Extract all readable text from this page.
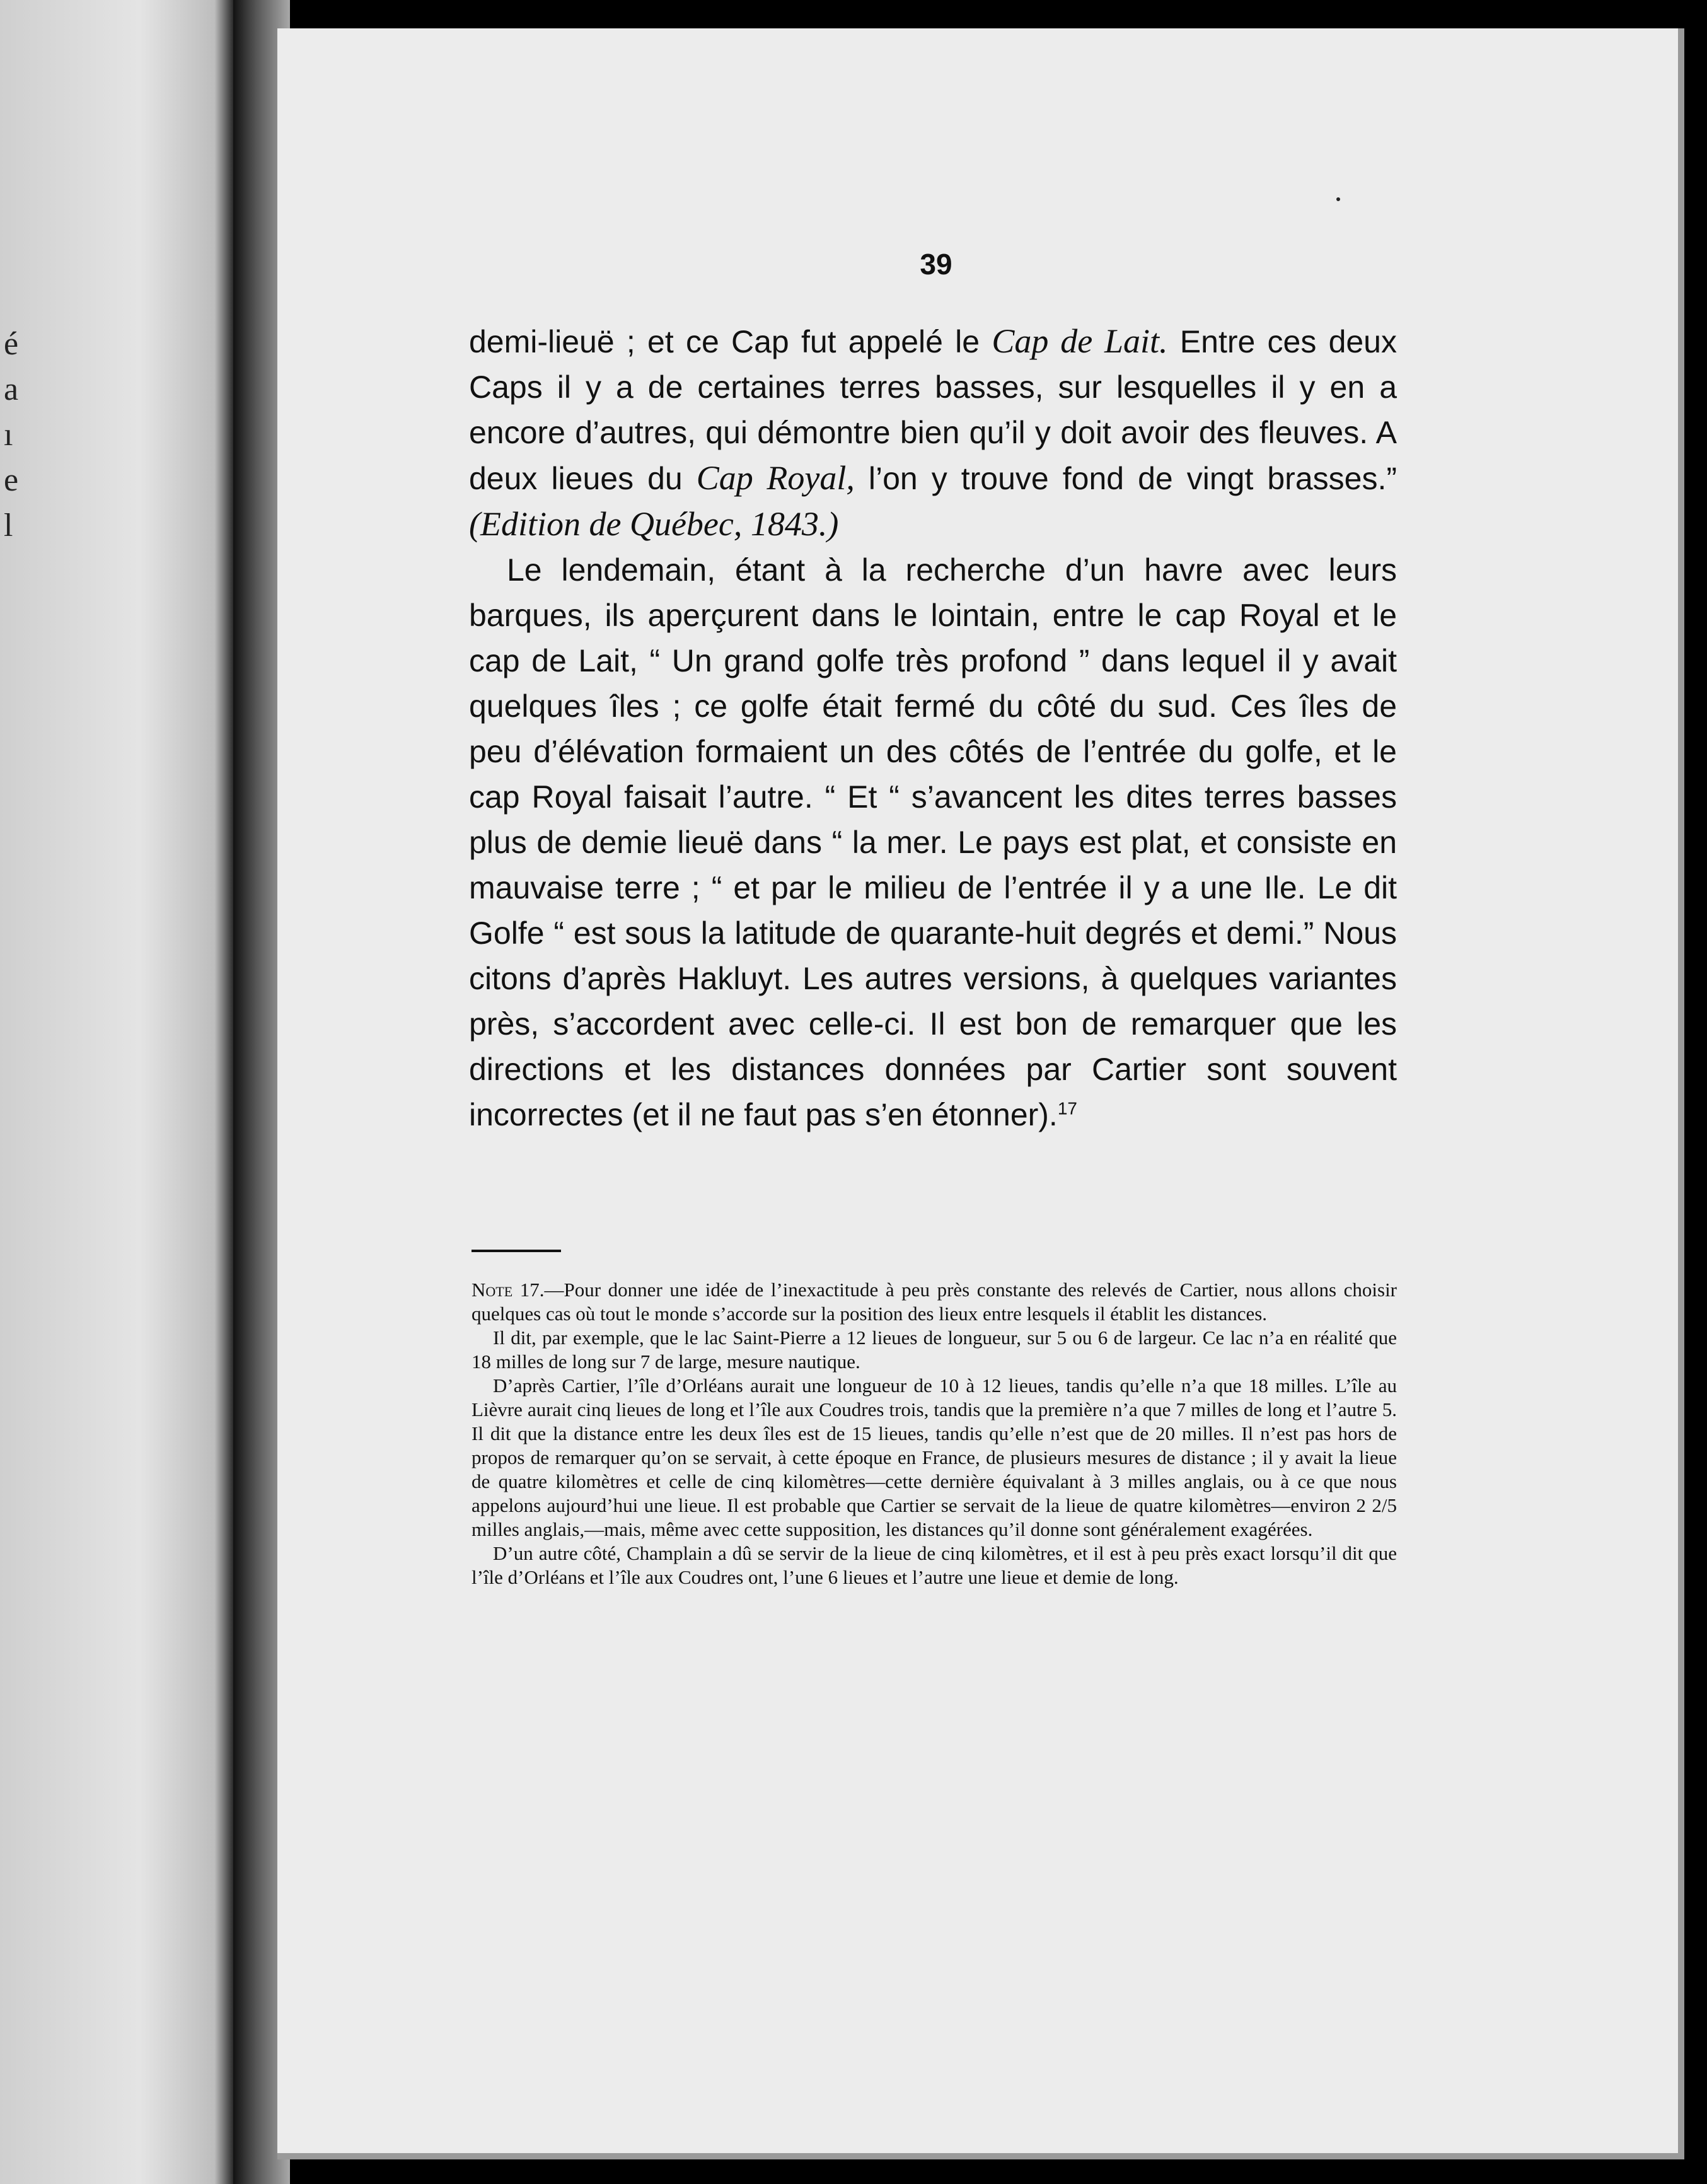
é
a
ı
e
l
39

demi-lieuë ; et ce Cap fut appelé le Cap de Lait. Entre ces deux Caps il y a de certaines terres basses, sur lesquelles il y en a encore d’autres, qui démontre bien qu’il y doit avoir des fleuves. A deux lieues du Cap Royal, l’on y trouve fond de vingt brasses.” (Edition de Québec, 1843.)

Le lendemain, étant à la recherche d’un havre avec leurs barques, ils aperçurent dans le lointain, entre le cap Royal et le cap de Lait, “ Un grand golfe très profond ” dans lequel il y avait quelques îles ; ce golfe était fermé du côté du sud. Ces îles de peu d’élévation formaient un des côtés de l’entrée du golfe, et le cap Royal faisait l’autre. “ Et “ s’avancent les dites terres basses plus de demie lieuë dans “ la mer. Le pays est plat, et consiste en mauvaise terre ; “ et par le milieu de l’entrée il y a une Ile. Le dit Golfe “ est sous la latitude de quarante-huit degrés et demi.” Nous citons d’après Hakluyt. Les autres versions, à quelques variantes près, s’accordent avec celle-ci. Il est bon de remarquer que les directions et les distances données par Cartier sont souvent incorrectes (et il ne faut pas s’en étonner).$^{17}$

Note 17.—Pour donner une idée de l’inexactitude à peu près constante des relevés de Cartier, nous allons choisir quelques cas où tout le monde s’accorde sur la position des lieux entre lesquels il établit les distances.

Il dit, par exemple, que le lac Saint-Pierre a 12 lieues de longueur, sur 5 ou 6 de largeur. Ce lac n’a en réalité que 18 milles de long sur 7 de large, mesure nautique.

D’après Cartier, l’île d’Orléans aurait une longueur de 10 à 12 lieues, tandis qu’elle n’a que 18 milles. L’île au Lièvre aurait cinq lieues de long et l’île aux Coudres trois, tandis que la première n’a que 7 milles de long et l’autre 5. Il dit que la distance entre les deux îles est de 15 lieues, tandis qu’elle n’est que de 20 milles. Il n’est pas hors de propos de remarquer qu’on se servait, à cette époque en France, de plusieurs mesures de distance ; il y avait la lieue de quatre kilomètres et celle de cinq kilomètres—cette dernière équivalant à 3 milles anglais, ou à ce que nous appelons aujourd’hui une lieue. Il est probable que Cartier se servait de la lieue de quatre kilomètres—environ 2 2/5 milles anglais,—mais, même avec cette supposition, les distances qu’il donne sont généralement exagérées.

D’un autre côté, Champlain a dû se servir de la lieue de cinq kilomètres, et il est à peu près exact lorsqu’il dit que l’île d’Orléans et l’île aux Coudres ont, l’une 6 lieues et l’autre une lieue et demie de long.
